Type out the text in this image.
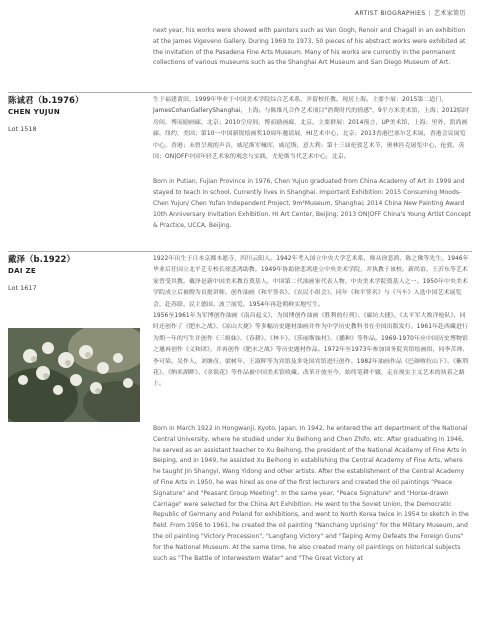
ARTIST BIOGRAPHIES | 艺术家简历

next year, his works were showed with painters such as Van Gogh, Renoir and Chagall in an exhibition at the James Vigeveno Gallery. During 1969 to 1973, 50 pieces of his abstract works were exhibited at the invitation of the Pasadena Fine Arts Museum. Many of his works are currently in the permanent collections of various museums such as the Shanghai Art Museum and San Diego Museum of Art.

陈诚君（b.1976）
CHEN YUJUN
Lot 1518

生于福建莆田，1999年毕业于中国美术学院综合艺术系，并留校任教。现居上海。主要个展：2015第二道门，JamesCohanGalleryShanghai，上海；与陈维凡合作艺术项目"消费时代的情感"，9平方米美术馆，上海；2012临时房间，博而励画廊，北京；2010空房间，博而励画廊，北京。主要群展：2014预言，UP美术馆，上海；里外，凯尚画廊，纽约，美国；第10一中国新锐绘画奖10周年邀请展，HI艺术中心，北京；2013香港巴塞尔艺术展，香港会议展览中心，香港；未曾呈现的声音，威尼斯军械库，威尼斯，意大利；第十三届伦敦艺术节，奥林匹克展览中心，伦敦，英国；ON|OFF中国年轻艺术家的观念与实践，尤伦斯当代艺术中心，北京。

Born in Putian, Fujian Province in 1976, Chen Yujun graduated from China Academy of Art in 1999 and stayed to teach in school. Currently lives in Shanghai. Important Exhibition: 2015 Consuming Moods-Chen Yujun/ Chen Yufan Independent Project, 9m²Museum, Shanghai; 2014 China New Painting Award 10th Anniversary Invitation Exhibition, HI Art Center, Beijing; 2013 ON|OFF China's Young Artist Concept & Practice, UCCA, Beijing.

戴泽（b.1922）
DAI ZE
Lot 1617

1922年出生于日本京都本愿寺，四川云阳人。1942年考入国立中央大学艺术系，师从徐悲鸿、陈之佛等先生。1946年毕业后任国立北平艺专校长徐悲鸿助教。1949年协助徐悲鸿建立中央美术学院，并执教于该校。新尚谊、王沂东等艺术家曾受其教。戴泽是新中国美术教育奠基人，中国第二代油画家代表人物。中央美术学院奠基人之一。1950年中央美术学院成立后被聘为首批讲师。创作油画《和平签名》、《农民小组会》、同年《和平签名》与《马车》入选中国艺术展览会，赴苏联、民主德国、波兰展览。1954年再赴朝鲜实地写生。

1956至1961年为军博创作油画《南昌起义》，为国博创作油画《胜利的行列》、《廊坊大捷》、《太平军大败洋枪队》，同时还创作了《肥水之战》、《凉山大捷》等多幅历史题材油画并作为中学历史教科书在全国出版发行。1961年赴西藏进行为期一年的写生并创作《三姐妹》、《春耕》、《林卡》、《莎丽斯妹村》、《播种》等作品。1969-1970年应中国历史博物馆之邀再创作《义和团》，并再创作《肥水之战》等历史题材作品。1972年至1973年参加国务院宾馆绘画组，同李苦禅、李可染、吴作人、刘继卣、梁树年、王淑晖等为宾馆及多处国宾馆进行创作。1982年油画作品《巴颜喀拉山下》、《紫荆花》、《纳米湖畔》、《金银花》等作品被中国美术馆收藏。改革开放至今，始终笔耕不辍，走在现实主义艺术的执着之路上。

Born in March 1922 in Hongwanji, Kyoto, Japan. In 1942, he entered the art department of the National Central University, where he studied under Xu Beihong and Chen Zhifo, etc. After graduating in 1946, he served as an assistant teacher to Xu Beihong, the president of the National Academy of Fine Arts in Beiping, and in 1949, he assisted Xu Beihong in establishing the Central Academy of Fine Arts, where he taught Jin Shangyi, Wang Yidong and other artists. After the establishment of the Central Academy of Fine Arts in 1950, he was hired as one of the first lecturers and created the oil paintings "Peace Signature" and "Peasant Group Meeting". In the same year, "Peace Signature" and "Horse-drawn Carriage" were selected for the China Art Exhibition. He went to the Soviet Union, the Democratic Republic of Germany and Poland for exhibitions, and went to North Korea twice in 1954 to sketch in the field. From 1956 to 1961, he created the oil painting "Nanchang Uprising" for the Military Museum, and the oil painting "Victory Procession", "Langfang Victory" and "Taiping Army Defeats the Foreign Guns" for the National Museum. At the same time, he also created many oil paintings on historical subjects such as "The Battle of Interwestern Water" and "The Great Victory at
